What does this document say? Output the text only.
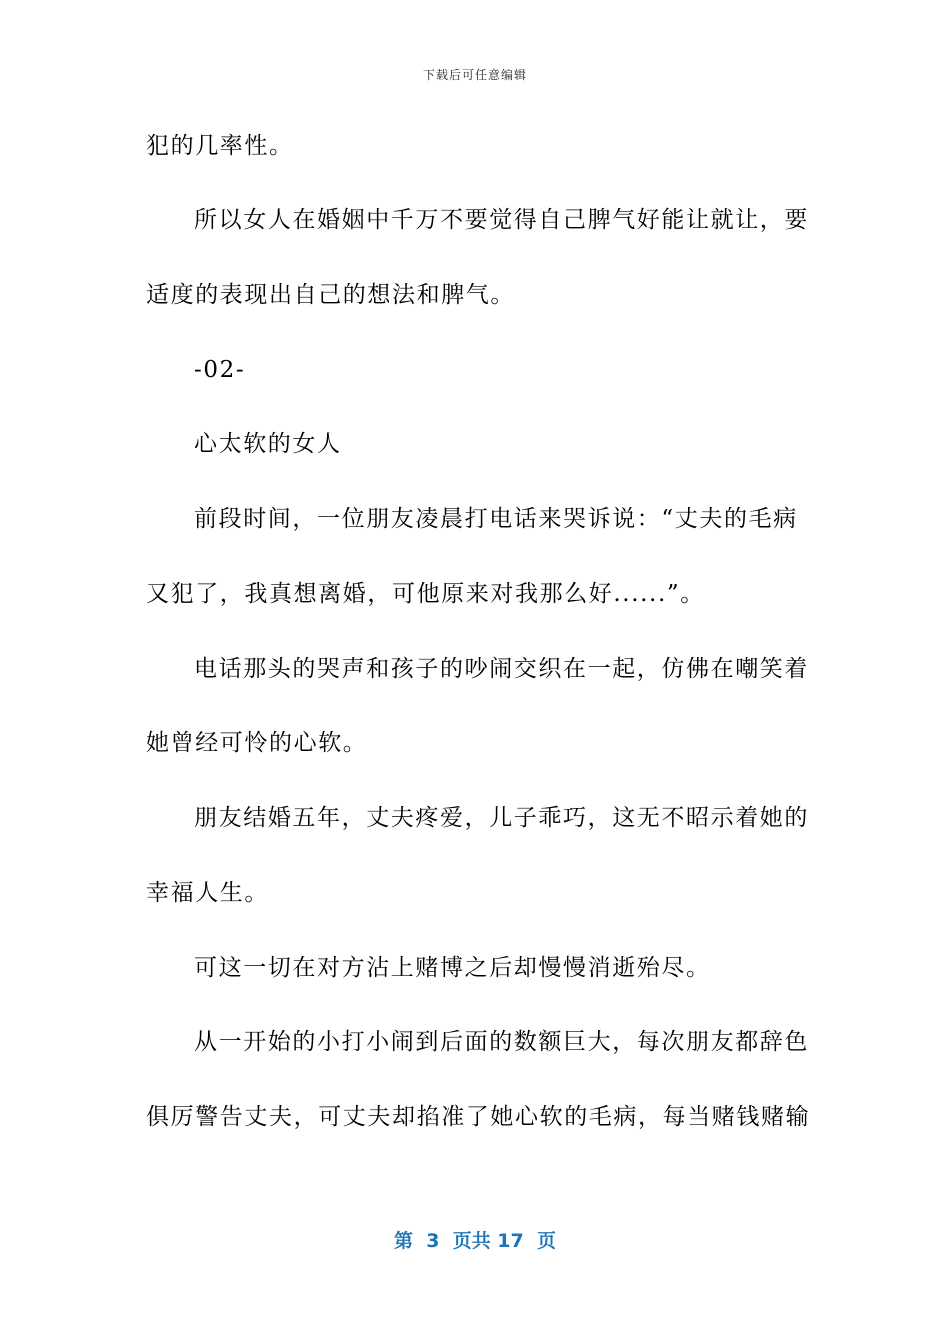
下载后可任意编辑
犯的几率性。
所以女人在婚姻中千万不要觉得自己脾气好能让就让，要
适度的表现出自己的想法和脾气。
-02-
心太软的女人
前段时间，一位朋友凌晨打电话来哭诉说：“丈夫的毛病
又犯了，我真想离婚，可他原来对我那么好......”。
电话那头的哭声和孩子的吵闹交织在一起，仿佛在嘲笑着
她曾经可怜的心软。
朋友结婚五年，丈夫疼爱，儿子乖巧，这无不昭示着她的
幸福人生。
可这一切在对方沾上赌博之后却慢慢消逝殆尽。
从一开始的小打小闹到后面的数额巨大，每次朋友都辞色
俱厉警告丈夫，可丈夫却掐准了她心软的毛病，每当赌钱赌输
第  3  页共 17  页
